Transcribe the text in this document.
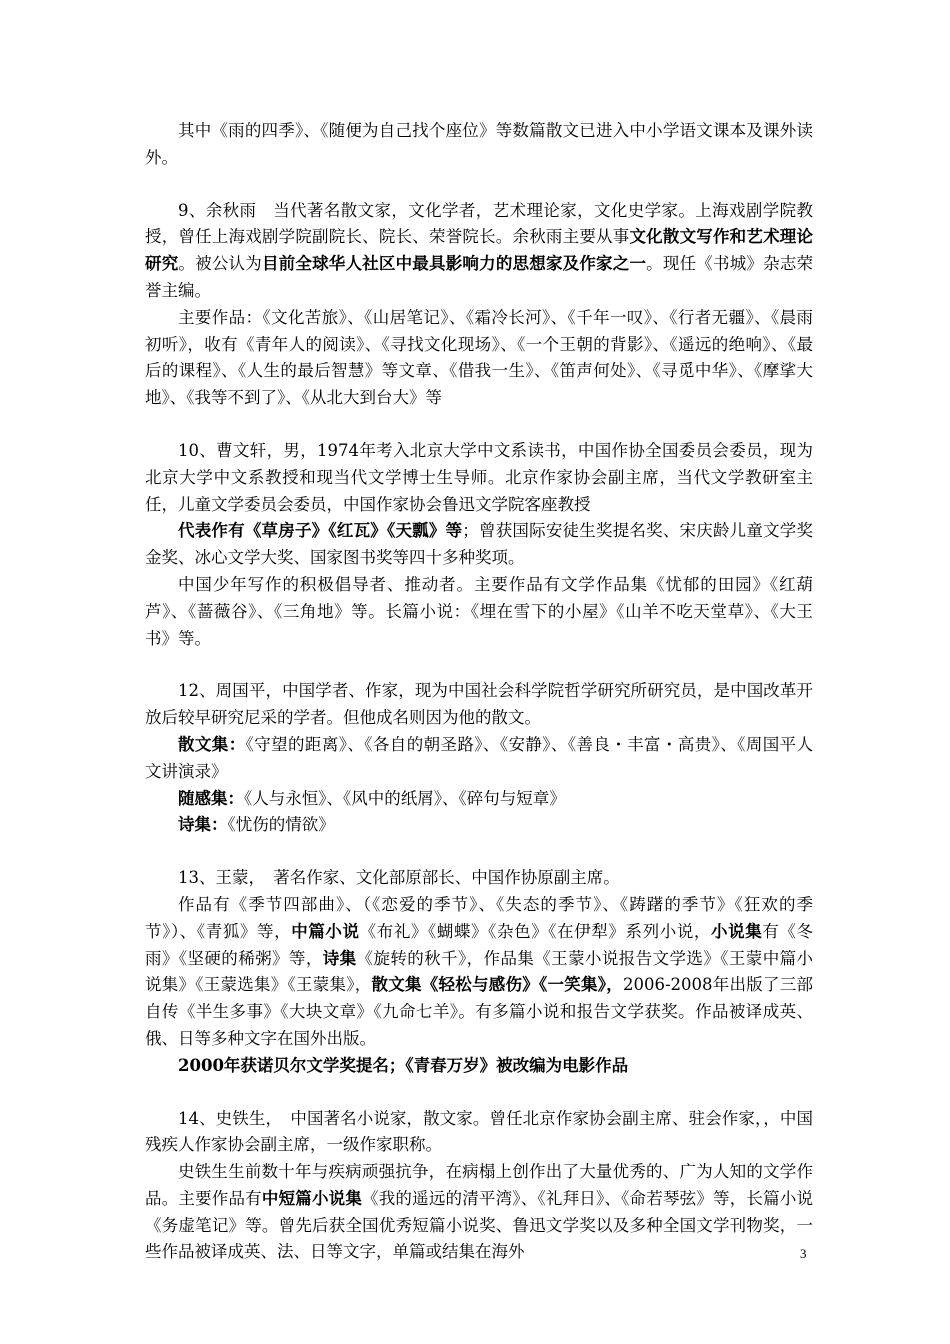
其中《雨的四季》、《随便为自己找个座位》等数篇散文已进入中小学语文课本及课外读外。

9、余秋雨　当代著名散文家，文化学者，艺术理论家，文化史学家。上海戏剧学院教授，曾任上海戏剧学院副院长、院长、荣誉院长。余秋雨主要从事文化散文写作和艺术理论研究。被公认为目前全球华人社区中最具影响力的思想家及作家之一。现任《书城》杂志荣誉主编。

主要作品：《文化苦旅》、《山居笔记》、《霜冷长河》、《千年一叹》、《行者无疆》、《晨雨初听》，收有《青年人的阅读》、《寻找文化现场》、《一个王朝的背影》、《遥远的绝响》、《最后的课程》、《人生的最后智慧》等文章、《借我一生》、《笛声何处》、《寻觅中华》、《摩挲大地》、《我等不到了》、《从北大到台大》等

10、曹文轩，男，1974年考入北京大学中文系读书，中国作协全国委员会委员，现为北京大学中文系教授和现当代文学博士生导师。北京作家协会副主席，当代文学教研室主任，儿童文学委员会委员，中国作家协会鲁迅文学院客座教授

代表作有《草房子》《红瓦》《天瓢》等；曾获国际安徒生奖提名奖、宋庆龄儿童文学奖金奖、冰心文学大奖、国家图书奖等四十多种奖项。

中国少年写作的积极倡导者、推动者。主要作品有文学作品集《忧郁的田园》《红葫芦》、《蔷薇谷》、《三角地》等。长篇小说：《埋在雪下的小屋》《山羊不吃天堂草》、《大王书》等。

12、周国平，中国学者、作家，现为中国社会科学院哲学研究所研究员，是中国改革开放后较早研究尼采的学者。但他成名则因为他的散文。

散文集：《守望的距离》、《各自的朝圣路》、《安静》、《善良・丰富・高贵》、《周国平人文讲演录》

随感集：《人与永恒》、《风中的纸屑》、《碎句与短章》

诗集：《忧伤的情欲》

13、王蒙，　著名作家、文化部原部长、中国作协原副主席。

作品有《季节四部曲》、（《恋爱的季节》、《失态的季节》、《踌躇的季节》《狂欢的季节》）、《青狐》等，中篇小说《布礼》《蝴蝶》《杂色》《在伊犁》系列小说，小说集有《冬雨》《坚硬的稀粥》等，诗集《旋转的秋千》，作品集《王蒙小说报告文学选》《王蒙中篇小说集》《王蒙选集》《王蒙集》，散文集《轻松与感伤》《一笑集》，2006-2008年出版了三部自传《半生多事》《大块文章》《九命七羊》。有多篇小说和报告文学获奖。作品被译成英、俄、日等多种文字在国外出版。

2000年获诺贝尔文学奖提名；《青春万岁》被改编为电影作品

14、史铁生，　中国著名小说家，散文家。曾任北京作家协会副主席、驻会作家，，中国残疾人作家协会副主席，一级作家职称。

史铁生生前数十年与疾病顽强抗争，在病榻上创作出了大量优秀的、广为人知的文学作品。主要作品有中短篇小说集《我的遥远的清平湾》、《礼拜日》、《命若琴弦》等，长篇小说《务虚笔记》等。曾先后获全国优秀短篇小说奖、鲁迅文学奖以及多种全国文学刊物奖，一些作品被译成英、法、日等文字，单篇或结集在海外	3
